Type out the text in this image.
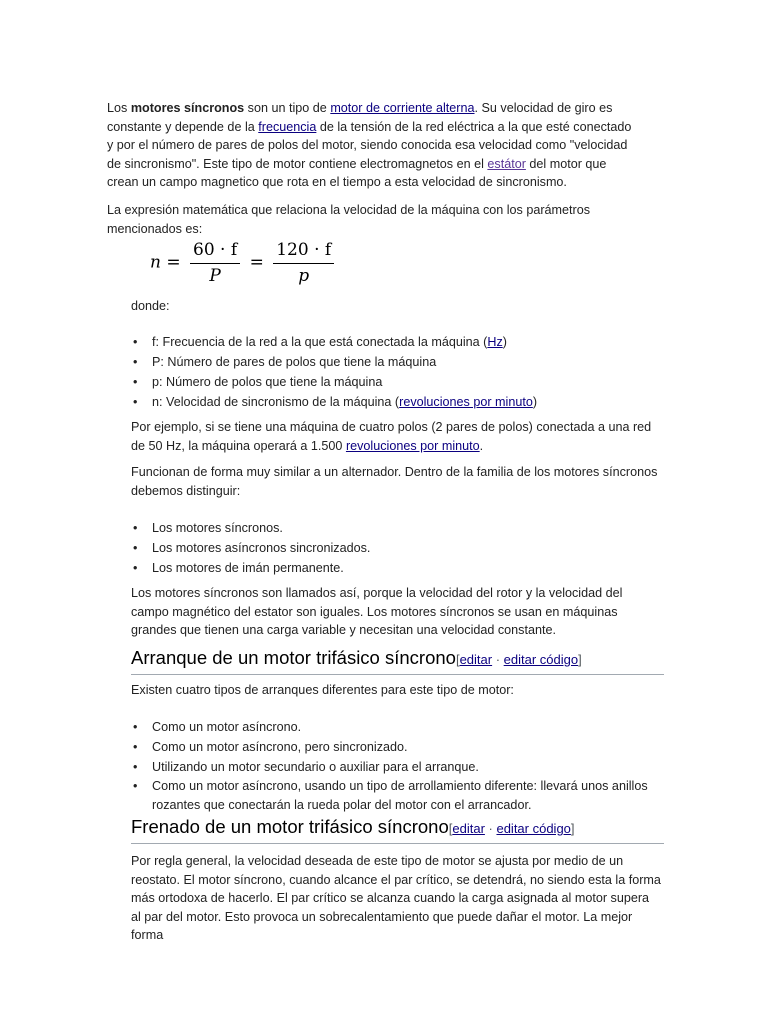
Los motores síncronos son un tipo de motor de corriente alterna. Su velocidad de giro es constante y depende de la frecuencia de la tensión de la red eléctrica a la que esté conectado y por el número de pares de polos del motor, siendo conocida esa velocidad como "velocidad de sincronismo". Este tipo de motor contiene electromagnetos en el estátor del motor que crean un campo magnetico que rota en el tiempo a esta velocidad de sincronismo.

La expresión matemática que relaciona la velocidad de la máquina con los parámetros mencionados es:

$n = \frac{60 \cdot f}{P} = \frac{120 \cdot f}{p}$

donde:

• f: Frecuencia de la red a la que está conectada la máquina (Hz)
• P: Número de pares de polos que tiene la máquina
• p: Número de polos que tiene la máquina
• n: Velocidad de sincronismo de la máquina (revoluciones por minuto)

Por ejemplo, si se tiene una máquina de cuatro polos (2 pares de polos) conectada a una red de 50 Hz, la máquina operará a 1.500 revoluciones por minuto.

Funcionan de forma muy similar a un alternador. Dentro de la familia de los motores síncronos debemos distinguir:

• Los motores síncronos.
• Los motores asíncronos sincronizados.
• Los motores de imán permanente.

Los motores síncronos son llamados así, porque la velocidad del rotor y la velocidad del campo magnético del estator son iguales. Los motores síncronos se usan en máquinas grandes que tienen una carga variable y necesitan una velocidad constante.

Arranque de un motor trifásico síncrono[editar · editar código]

Existen cuatro tipos de arranques diferentes para este tipo de motor:

• Como un motor asíncrono.
• Como un motor asíncrono, pero sincronizado.
• Utilizando un motor secundario o auxiliar para el arranque.
• Como un motor asíncrono, usando un tipo de arrollamiento diferente: llevará unos anillos rozantes que conectarán la rueda polar del motor con el arrancador.
Frenado de un motor trifásico síncrono[editar · editar código]

Por regla general, la velocidad deseada de este tipo de motor se ajusta por medio de un reostato. El motor síncrono, cuando alcance el par crítico, se detendrá, no siendo esta la forma más ortodoxa de hacerlo. El par crítico se alcanza cuando la carga asignada al motor supera al par del motor. Esto provoca un sobrecalentamiento que puede dañar el motor. La mejor forma
